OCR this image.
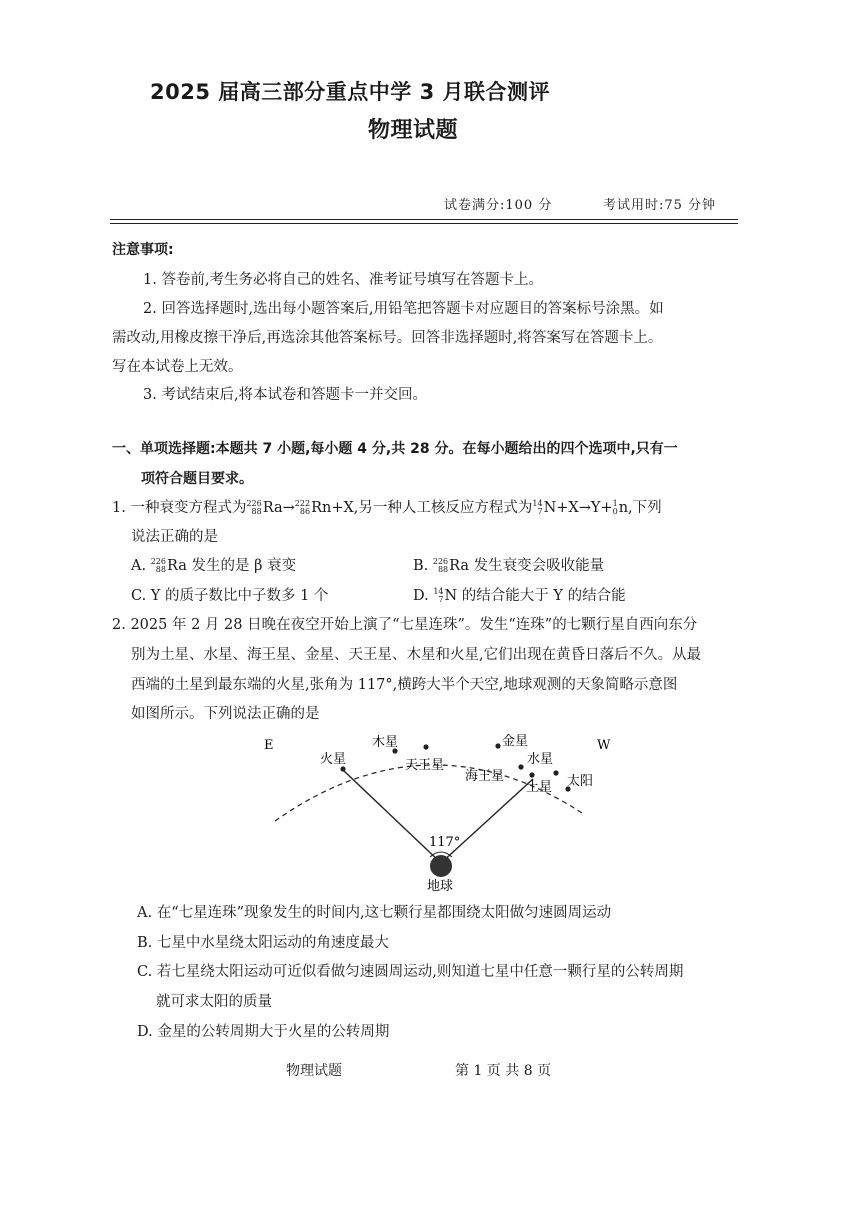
2025 届高三部分重点中学 3 月联合测评
物理试题
试卷满分:100 分	考试用时:75 分钟
注意事项:
1. 答卷前,考生务必将自己的姓名、准考证号填写在答题卡上。
2. 回答选择题时,选出每小题答案后,用铅笔把答题卡对应题目的答案标号涂黑。如
需改动,用橡皮擦干净后,再选涂其他答案标号。回答非选择题时,将答案写在答题卡上。
写在本试卷上无效。
3. 考试结束后,将本试卷和答题卡一并交回。
一、单项选择题:本题共 7 小题,每小题 4 分,共 28 分。在每小题给出的四个选项中,只有一
项符合题目要求。
1. 一种衰变方程式为226
88Ra→222
86Rn+X,另一种人工核反应方程式为14
7N+X→Y+1
0n,下列
说法正确的是
A. 226
88Ra 发生的是 β 衰变	B. 226
88Ra 发生衰变会吸收能量
C. Y 的质子数比中子数多 1 个	D. 14
7N 的结合能大于 Y 的结合能
2. 2025 年 2 月 28 日晚在夜空开始上演了“七星连珠”。发生“连珠”的七颗行星自西向东分
别为土星、水星、海王星、金星、天王星、木星和火星,它们出现在黄昏日落后不久。从最
西端的土星到最东端的火星,张角为 117°,横跨大半个天空,地球观测的天象简略示意图
如图所示。下列说法正确的是
E	W
火星
木星
天王星
金星
海王星
水星
土星 太阳
117°
地球
A. 在“七星连珠”现象发生的时间内,这七颗行星都围绕太阳做匀速圆周运动
B. 七星中水星绕太阳运动的角速度最大
C. 若七星绕太阳运动可近似看做匀速圆周运动,则知道七星中任意一颗行星的公转周期
就可求太阳的质量
D. 金星的公转周期大于火星的公转周期
物理试题	第 1 页 共 8 页
